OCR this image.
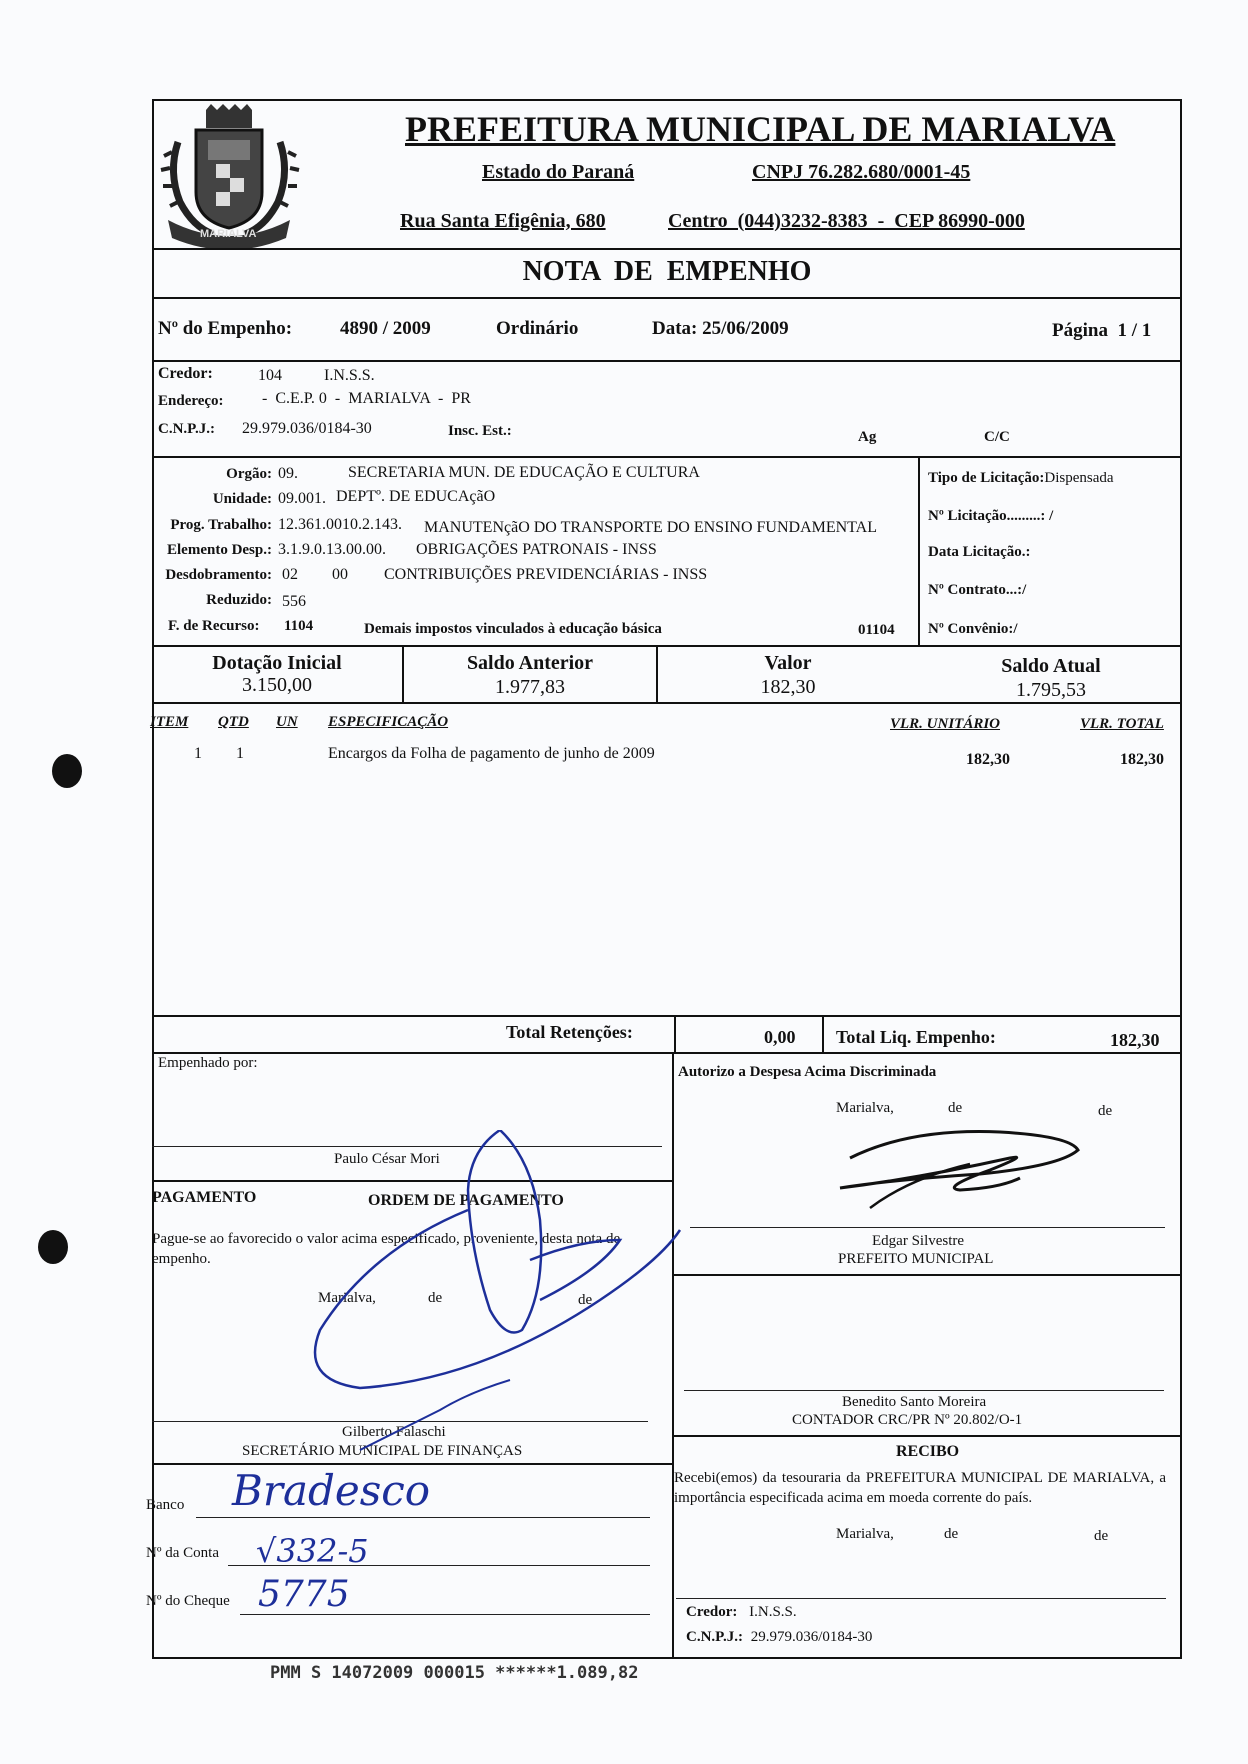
MARIALVA
PREFEITURA MUNICIPAL DE MARIALVA
Estado do Paraná	CNPJ 76.282.680/0001-45
Rua Santa Efigênia, 680	Centro  (044)3232-8383  -  CEP 86990-000
NOTA  DE  EMPENHO
Nº do Empenho:	4890 / 2009	Ordinário	Data: 25/06/2009	Página  1 / 1
Credor:	104	I.N.S.S.
Endereço: -  C.E.P. 0  -  MARIALVA  -  PR
C.N.P.J.: 29.979.036/0184-30	Insc. Est.:	Ag	C/C
Orgão: 09.	SECRETARIA MUN. DE EDUCAÇÃO E CULTURA
Unidade: 09.001. DEPTº. DE EDUCAçãO
Prog. Trabalho: 12.361.0010.2.143. MANUTENçãO DO TRANSPORTE DO ENSINO FUNDAMENTAL
Elemento Desp.: 3.1.9.0.13.00.00. OBRIGAÇÕES PATRONAIS - INSS
Desdobramento: 02 00 CONTRIBUIÇÕES PREVIDENCIÁRIAS - INSS
Reduzido: 556
F. de Recurso: 1104	Demais impostos vinculados à educação básica	01104
Tipo de Licitação:Dispensada
Nº Licitação.........: /
Data Licitação.:
Nº Contrato...:/
Nº Convênio:/
Dotação Inicial
3.150,00
Saldo Anterior
1.977,83
Valor
182,30
Saldo Atual
1.795,53
ITEM QTD UN ESPECIFICAÇÃO	VLR. UNITÁRIO	VLR. TOTAL
1 1	Encargos da Folha de pagamento de junho de 2009	182,30	182,30
Total Retenções:	0,00 Total Liq. Empenho:	182,30
Empenhado por:
Paulo César Mori
PAGAMENTO	ORDEM DE PAGAMENTO
Pague-se ao favorecido o valor acima especificado, proveniente, desta nota de empenho.
Marialva,	de	de
Gilberto Falaschi
SECRETÁRIO MUNICIPAL DE FINANÇAS
Banco Bradesco
Nº da Conta √332-5
Nº do Cheque 5775
Autorizo a Despesa Acima Discriminada
Marialva,	de	de
Edgar Silvestre
PREFEITO MUNICIPAL
Benedito Santo Moreira
CONTADOR CRC/PR Nº 20.802/O-1
RECIBO
Recebi(emos) da tesouraria da PREFEITURA MUNICIPAL DE MARIALVA, a importância especificada acima em moeda corrente do país.
Marialva,	de	de
Credor: I.N.S.S.
C.N.P.J.: 29.979.036/0184-30
PMM S 14072009 000015 ******1.089,82
